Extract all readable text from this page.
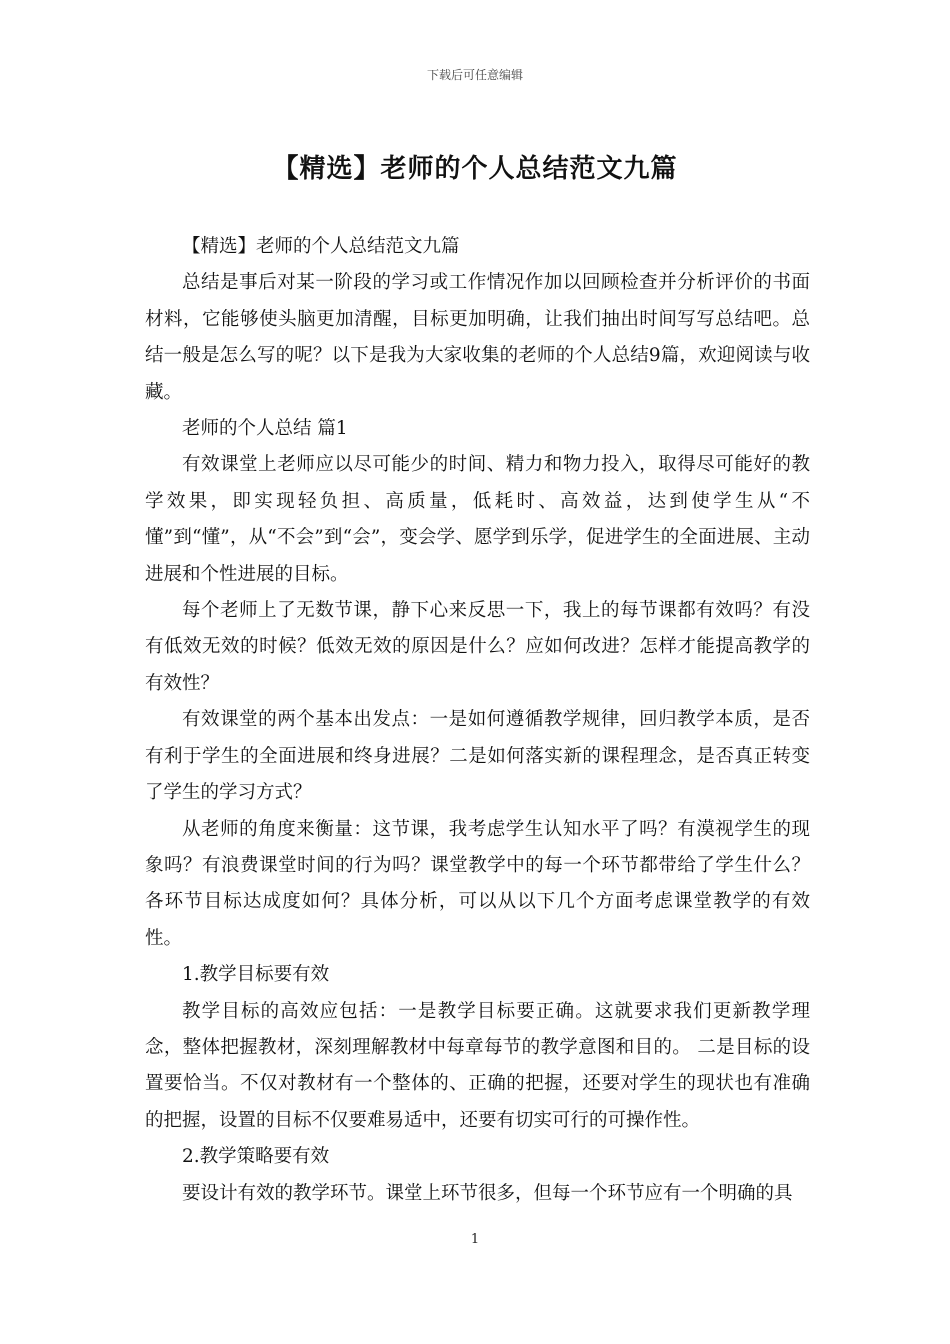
下载后可任意编辑
【精选】老师的个人总结范文九篇

【精选】老师的个人总结范文九篇

总结是事后对某一阶段的学习或工作情况作加以回顾检查并分析评价的书面材料，它能够使头脑更加清醒，目标更加明确，让我们抽出时间写写总结吧。总结一般是怎么写的呢？以下是我为大家收集的老师的个人总结9篇，欢迎阅读与收藏。

老师的个人总结 篇1

有效课堂上老师应以尽可能少的时间、精力和物力投入，取得尽可能好的教学效果，即实现轻负担、高质量，低耗时、高效益，达到使学生从“不懂”到“懂”，从“不会”到“会”，变会学、愿学到乐学，促进学生的全面进展、主动进展和个性进展的目标。

每个老师上了无数节课，静下心来反思一下，我上的每节课都有效吗？有没有低效无效的时候？低效无效的原因是什么？应如何改进？怎样才能提高教学的有效性？

有效课堂的两个基本出发点：一是如何遵循教学规律，回归教学本质，是否有利于学生的全面进展和终身进展？二是如何落实新的课程理念，是否真正转变了学生的学习方式？

从老师的角度来衡量：这节课，我考虑学生认知水平了吗？有漠视学生的现象吗？有浪费课堂时间的行为吗？课堂教学中的每一个环节都带给了学生什么？各环节目标达成度如何？具体分析，可以从以下几个方面考虑课堂教学的有效性。

1.教学目标要有效

教学目标的高效应包括：一是教学目标要正确。这就要求我们更新教学理念，整体把握教材，深刻理解教材中每章每节的教学意图和目的。 二是目标的设置要恰当。不仅对教材有一个整体的、正确的把握，还要对学生的现状也有准确的把握，设置的目标不仅要难易适中，还要有切实可行的可操作性。

2.教学策略要有效

要设计有效的教学环节。课堂上环节很多，但每一个环节应有一个明确的具

1
